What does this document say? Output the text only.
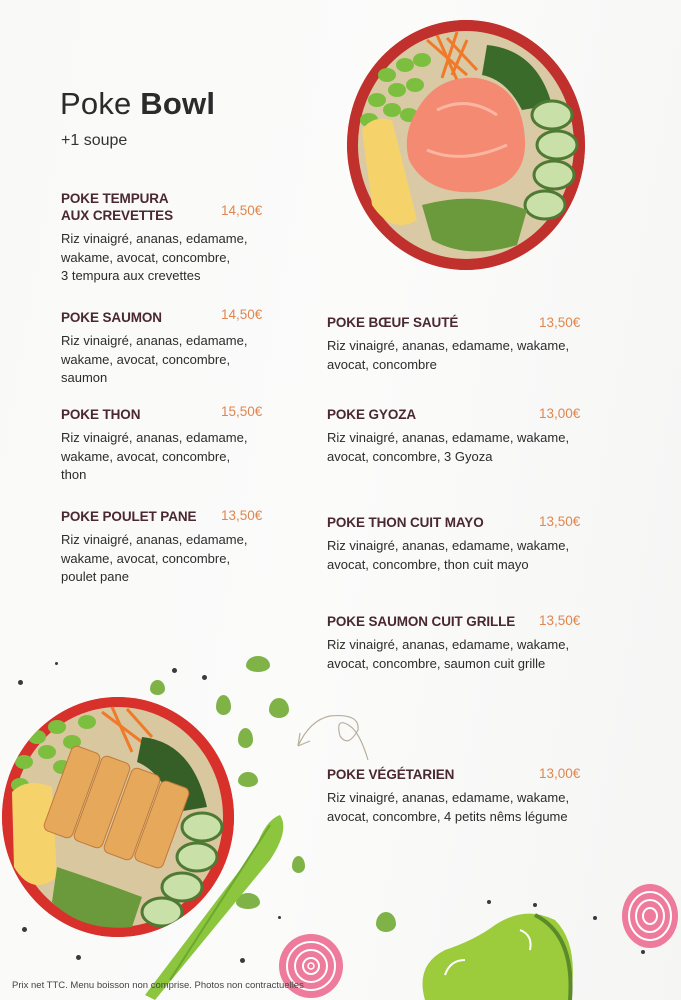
Poke Bowl
+1 soupe
POKE TEMPURA
AUX CREVETTES	14,50€
Riz vinaigré, ananas, edamame,
wakame, avocat, concombre,
3 tempura aux crevettes
POKE SAUMON	14,50€
Riz vinaigré, ananas, edamame,
wakame, avocat, concombre,
saumon
POKE THON	15,50€
Riz vinaigré, ananas, edamame,
wakame, avocat, concombre,
thon
POKE POULET PANE	13,50€
Riz vinaigré, ananas, edamame,
wakame, avocat, concombre,
poulet pane
POKE BŒUF SAUTÉ	13,50€
Riz vinaigré, ananas, edamame, wakame,
avocat, concombre
POKE GYOZA	13,00€
Riz vinaigré, ananas, edamame, wakame,
avocat, concombre, 3 Gyoza
POKE THON CUIT MAYO	13,50€
Riz vinaigré, ananas, edamame, wakame,
avocat, concombre, thon cuit mayo
POKE SAUMON CUIT GRILLE	13,50€
Riz vinaigré, ananas, edamame, wakame,
avocat, concombre, saumon cuit grille
POKE VÉGÉTARIEN	13,00€
Riz vinaigré, ananas, edamame, wakame,
avocat, concombre, 4 petits nêms légume
Prix net TTC. Menu boisson non comprise. Photos non contractuelles
